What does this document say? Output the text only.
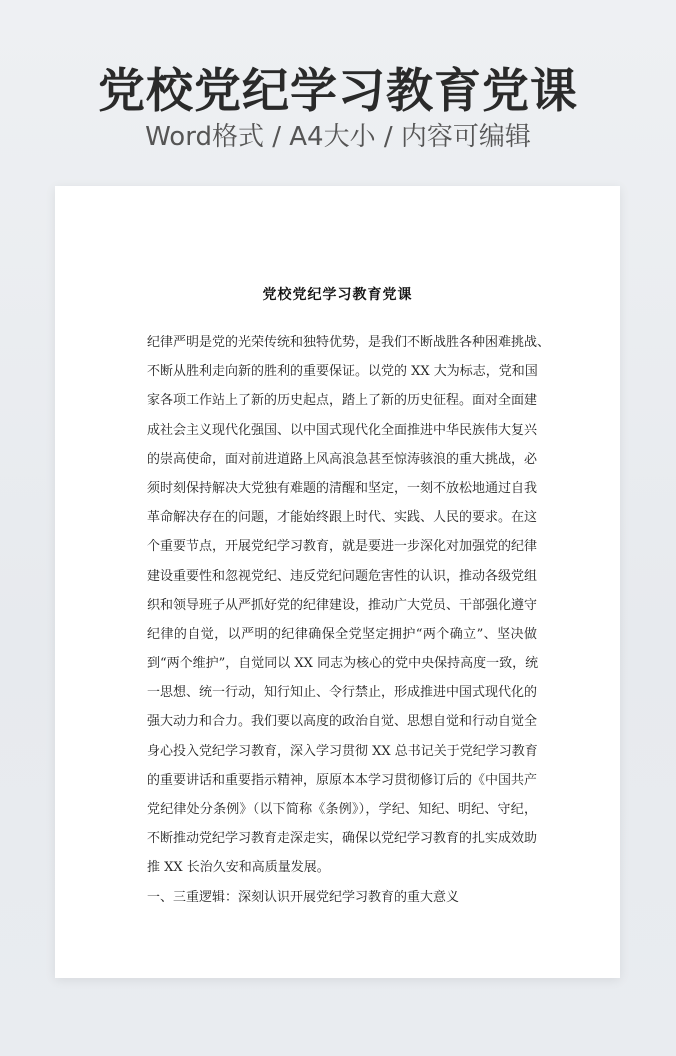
党校党纪学习教育党课
Word格式 / A4大小 / 内容可编辑
党校党纪学习教育党课
纪律严明是党的光荣传统和独特优势，是我们不断战胜各种困难挑战、
不断从胜利走向新的胜利的重要保证。以党的 XX 大为标志，党和国
家各项工作站上了新的历史起点，踏上了新的历史征程。面对全面建
成社会主义现代化强国、以中国式现代化全面推进中华民族伟大复兴
的崇高使命，面对前进道路上风高浪急甚至惊涛骇浪的重大挑战，必
须时刻保持解决大党独有难题的清醒和坚定，一刻不放松地通过自我
革命解决存在的问题，才能始终跟上时代、实践、人民的要求。在这
个重要节点，开展党纪学习教育，就是要进一步深化对加强党的纪律
建设重要性和忽视党纪、违反党纪问题危害性的认识，推动各级党组
织和领导班子从严抓好党的纪律建设，推动广大党员、干部强化遵守
纪律的自觉，以严明的纪律确保全党坚定拥护“两个确立”、坚决做
到“两个维护”，自觉同以 XX 同志为核心的党中央保持高度一致，统
一思想、统一行动，知行知止、令行禁止，形成推进中国式现代化的
强大动力和合力。我们要以高度的政治自觉、思想自觉和行动自觉全
身心投入党纪学习教育，深入学习贯彻 XX 总书记关于党纪学习教育
的重要讲话和重要指示精神，原原本本学习贯彻修订后的《中国共产
党纪律处分条例》（以下简称《条例》），学纪、知纪、明纪、守纪，
不断推动党纪学习教育走深走实，确保以党纪学习教育的扎实成效助
推 XX 长治久安和高质量发展。
一、三重逻辑：深刻认识开展党纪学习教育的重大意义
